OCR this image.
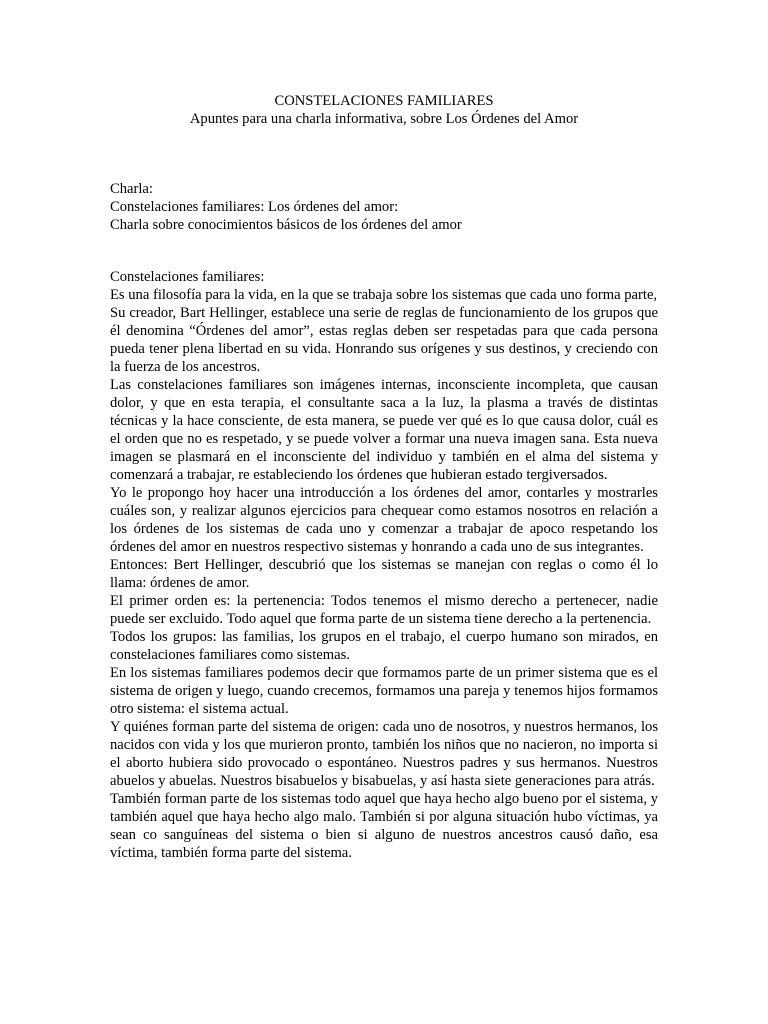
CONSTELACIONES FAMILIARES
Apuntes para una charla informativa, sobre Los Órdenes del Amor
Charla:
Constelaciones familiares: Los órdenes del amor:
Charla sobre conocimientos básicos de los órdenes del amor

Constelaciones familiares:

Es una filosofía para la vida, en la que se trabaja sobre los sistemas que cada uno forma parte,

Su creador, Bart Hellinger, establece una serie de reglas de funcionamiento de los grupos que él denomina “Órdenes del amor”, estas reglas deben ser respetadas para que cada persona pueda tener plena libertad en su vida. Honrando sus orígenes y sus destinos, y creciendo con la fuerza de los ancestros.

Las constelaciones familiares son imágenes internas, inconsciente incompleta, que causan dolor, y que en esta terapia, el consultante saca a la luz, la plasma a través de distintas técnicas y la hace consciente, de esta manera, se puede ver qué es lo que causa dolor, cuál es el orden que no es respetado, y se puede volver a formar una nueva imagen sana. Esta nueva imagen se plasmará en el inconsciente del individuo y también en el alma del sistema y comenzará a trabajar, re estableciendo los órdenes que hubieran estado tergiversados.

Yo le propongo hoy hacer una introducción a los órdenes del amor, contarles y mostrarles cuáles son, y realizar algunos ejercicios para chequear como estamos nosotros en relación a los órdenes de los sistemas de cada uno y comenzar a trabajar de apoco respetando los órdenes del amor en nuestros respectivo sistemas y honrando a cada uno de sus integrantes.

Entonces: Bert Hellinger, descubrió que los sistemas se manejan con reglas o como él lo llama: órdenes de amor.

El primer orden es: la pertenencia: Todos tenemos el mismo derecho a pertenecer, nadie puede ser excluido. Todo aquel que forma parte de un sistema tiene derecho a la pertenencia.

Todos los grupos: las familias, los grupos en el trabajo, el cuerpo humano son mirados, en constelaciones familiares como sistemas.

En los sistemas familiares podemos decir que formamos parte de un primer sistema que es el sistema de origen y luego, cuando crecemos, formamos una pareja y tenemos hijos formamos otro sistema: el sistema actual.

Y quiénes forman parte del sistema de origen: cada uno de nosotros, y nuestros hermanos, los nacidos con vida y los que murieron pronto, también los niños que no nacieron, no importa si el aborto hubiera sido provocado o espontáneo. Nuestros padres y sus hermanos. Nuestros abuelos y abuelas. Nuestros bisabuelos y bisabuelas, y así hasta siete generaciones para atrás.

También forman parte de los sistemas todo aquel que haya hecho algo bueno por el sistema, y también aquel que haya hecho algo malo. También si por alguna situación hubo víctimas, ya sean co sanguíneas del sistema o bien si alguno de nuestros ancestros causó daño, esa víctima, también forma parte del sistema.
